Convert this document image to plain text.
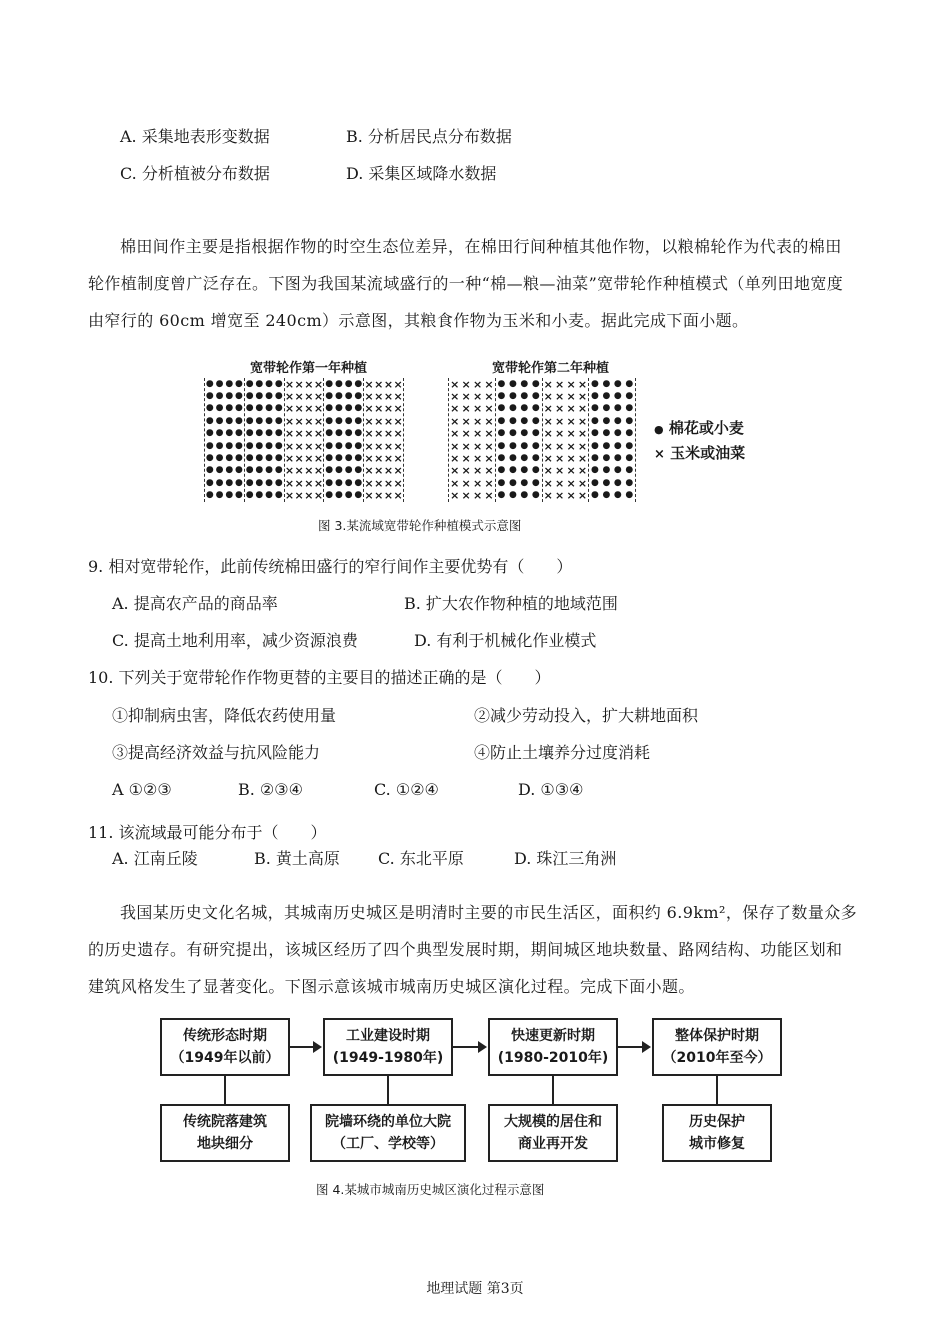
A. 采集地表形变数据	B. 分析居民点分布数据
C. 分析植被分布数据	D. 采集区域降水数据
棉田间作主要是指根据作物的时空生态位差异，在棉田行间种植其他作物，以粮棉轮作为代表的棉田
轮作植制度曾广泛存在。下图为我国某流域盛行的一种“棉—粮—油菜”宽带轮作种植模式（单列田地宽度
由窄行的 60cm 增宽至 240cm）示意图，其粮食作物为玉米和小麦。据此完成下面小题。
宽带轮作第一年种植	宽带轮作第二年种植
● ● ● ●
● ● ● ●
● ● ● ●
● ● ● ●
● ● ● ●
● ● ● ●
● ● ● ●
● ● ● ●
● ● ● ●
● ● ● ●
● ● ● ●
● ● ● ●
● ● ● ●
● ● ● ●
● ● ● ●
● ● ● ●
● ● ● ●
● ● ● ●
● ● ● ●
● ● ● ●
× × × ×
× × × ×
× × × ×
× × × ×
× × × ×
× × × ×
× × × ×
× × × ×
× × × ×
× × × ×
● ● ● ●
● ● ● ●
● ● ● ●
● ● ● ●
● ● ● ●
● ● ● ●
● ● ● ●
● ● ● ●
● ● ● ●
● ● ● ●
× × × ×
× × × ×
× × × ×
× × × ×
× × × ×
× × × ×
× × × ×
× × × ×
× × × ×
× × × ×
× × × ×
× × × ×
× × × ×
× × × ×
× × × ×
× × × ×
× × × ×
× × × ×
× × × ×
× × × ×
● ● ● ●
● ● ● ●
● ● ● ●
● ● ● ●
● ● ● ●
● ● ● ●
● ● ● ●
● ● ● ●
● ● ● ●
● ● ● ●
× × × ×
× × × ×
× × × ×
× × × ×
× × × ×
× × × ×
× × × ×
× × × ×
× × × ×
× × × ×
● ● ● ●
● ● ● ●
● ● ● ●
● ● ● ●
● ● ● ●
● ● ● ●
● ● ● ●
● ● ● ●
● ● ● ●
● ● ● ●
● 棉花或小麦
× 玉米或油菜
图 3.某流域宽带轮作种植模式示意图
9. 相对宽带轮作，此前传统棉田盛行的窄行间作主要优势有（　　）
A. 提高农产品的商品率	B. 扩大农作物种植的地域范围
C. 提高土地利用率，减少资源浪费	D. 有利于机械化作业模式
10. 下列关于宽带轮作作物更替的主要目的描述正确的是（　　）
①抑制病虫害，降低农药使用量	②减少劳动投入，扩大耕地面积
③提高经济效益与抗风险能力	④防止土壤养分过度消耗
A ①②③	B. ②③④	C. ①②④	D. ①③④
11. 该流域最可能分布于（　　）
A. 江南丘陵	B. 黄土高原 C. 东北平原	D. 珠江三角洲
我国某历史文化名城，其城南历史城区是明清时主要的市民生活区，面积约 6.9km²，保存了数量众多
的历史遗存。有研究提出，该城区经历了四个典型发展时期，期间城区地块数量、路网结构、功能区划和
建筑风格发生了显著变化。下图示意该城市城南历史城区演化过程。完成下面小题。
传统形态时期
（1949年以前）
工业建设时期
(1949-1980年)
快速更新时期
(1980-2010年)
整体保护时期
（2010年至今）
传统院落建筑
地块细分
院墙环绕的单位大院
（工厂、学校等）
大规模的居住和
商业再开发
历史保护
城市修复
图 4.某城市城南历史城区演化过程示意图
地理试题 第3页
